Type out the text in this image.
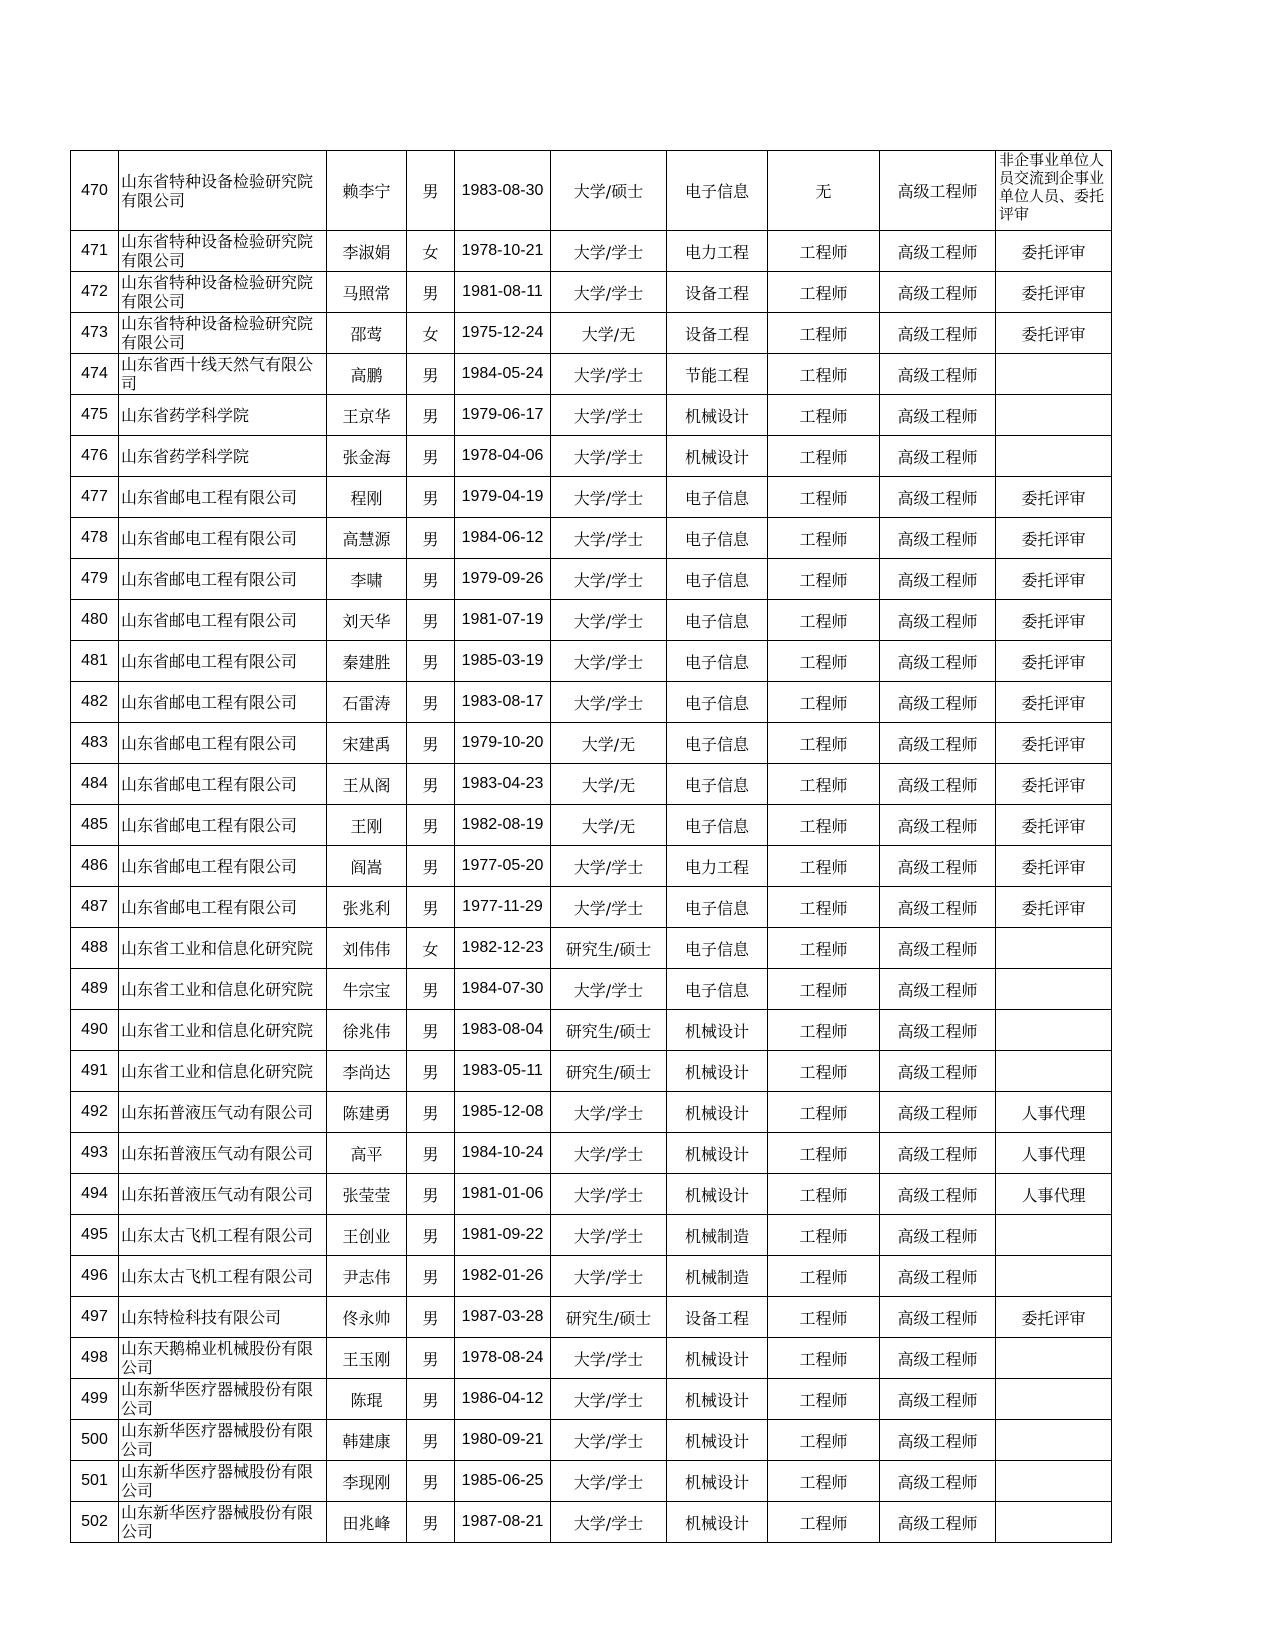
470	山东省特种设备检验研究院有限公司	赖李宁	男	1983-08-30	大学/硕士	电子信息	无	高级工程师	非企事业单位人员交流到企事业单位人员、委托评审
471	山东省特种设备检验研究院有限公司	李淑娟	女	1978-10-21	大学/学士	电力工程	工程师	高级工程师	委托评审
472	山东省特种设备检验研究院有限公司	马照常	男	1981-08-11	大学/学士	设备工程	工程师	高级工程师	委托评审
473	山东省特种设备检验研究院有限公司	邵莺	女	1975-12-24	大学/无	设备工程	工程师	高级工程师	委托评审
474	山东省西十线天然气有限公司	高鹏	男	1984-05-24	大学/学士	节能工程	工程师	高级工程师	
475	山东省药学科学院	王京华	男	1979-06-17	大学/学士	机械设计	工程师	高级工程师	
476	山东省药学科学院	张金海	男	1978-04-06	大学/学士	机械设计	工程师	高级工程师	
477	山东省邮电工程有限公司	程刚	男	1979-04-19	大学/学士	电子信息	工程师	高级工程师	委托评审
478	山东省邮电工程有限公司	高慧源	男	1984-06-12	大学/学士	电子信息	工程师	高级工程师	委托评审
479	山东省邮电工程有限公司	李啸	男	1979-09-26	大学/学士	电子信息	工程师	高级工程师	委托评审
480	山东省邮电工程有限公司	刘天华	男	1981-07-19	大学/学士	电子信息	工程师	高级工程师	委托评审
481	山东省邮电工程有限公司	秦建胜	男	1985-03-19	大学/学士	电子信息	工程师	高级工程师	委托评审
482	山东省邮电工程有限公司	石雷涛	男	1983-08-17	大学/学士	电子信息	工程师	高级工程师	委托评审
483	山东省邮电工程有限公司	宋建禹	男	1979-10-20	大学/无	电子信息	工程师	高级工程师	委托评审
484	山东省邮电工程有限公司	王从阁	男	1983-04-23	大学/无	电子信息	工程师	高级工程师	委托评审
485	山东省邮电工程有限公司	王刚	男	1982-08-19	大学/无	电子信息	工程师	高级工程师	委托评审
486	山东省邮电工程有限公司	阎嵩	男	1977-05-20	大学/学士	电力工程	工程师	高级工程师	委托评审
487	山东省邮电工程有限公司	张兆利	男	1977-11-29	大学/学士	电子信息	工程师	高级工程师	委托评审
488	山东省工业和信息化研究院	刘伟伟	女	1982-12-23	研究生/硕士	电子信息	工程师	高级工程师	
489	山东省工业和信息化研究院	牛宗宝	男	1984-07-30	大学/学士	电子信息	工程师	高级工程师	
490	山东省工业和信息化研究院	徐兆伟	男	1983-08-04	研究生/硕士	机械设计	工程师	高级工程师	
491	山东省工业和信息化研究院	李尚达	男	1983-05-11	研究生/硕士	机械设计	工程师	高级工程师	
492	山东拓普液压气动有限公司	陈建勇	男	1985-12-08	大学/学士	机械设计	工程师	高级工程师	人事代理
493	山东拓普液压气动有限公司	高平	男	1984-10-24	大学/学士	机械设计	工程师	高级工程师	人事代理
494	山东拓普液压气动有限公司	张莹莹	男	1981-01-06	大学/学士	机械设计	工程师	高级工程师	人事代理
495	山东太古飞机工程有限公司	王创业	男	1981-09-22	大学/学士	机械制造	工程师	高级工程师	
496	山东太古飞机工程有限公司	尹志伟	男	1982-01-26	大学/学士	机械制造	工程师	高级工程师	
497	山东特检科技有限公司	佟永帅	男	1987-03-28	研究生/硕士	设备工程	工程师	高级工程师	委托评审
498	山东天鹅棉业机械股份有限公司	王玉刚	男	1978-08-24	大学/学士	机械设计	工程师	高级工程师	
499	山东新华医疗器械股份有限公司	陈琨	男	1986-04-12	大学/学士	机械设计	工程师	高级工程师	
500	山东新华医疗器械股份有限公司	韩建康	男	1980-09-21	大学/学士	机械设计	工程师	高级工程师	
501	山东新华医疗器械股份有限公司	李现刚	男	1985-06-25	大学/学士	机械设计	工程师	高级工程师	
502	山东新华医疗器械股份有限公司	田兆峰	男	1987-08-21	大学/学士	机械设计	工程师	高级工程师	
